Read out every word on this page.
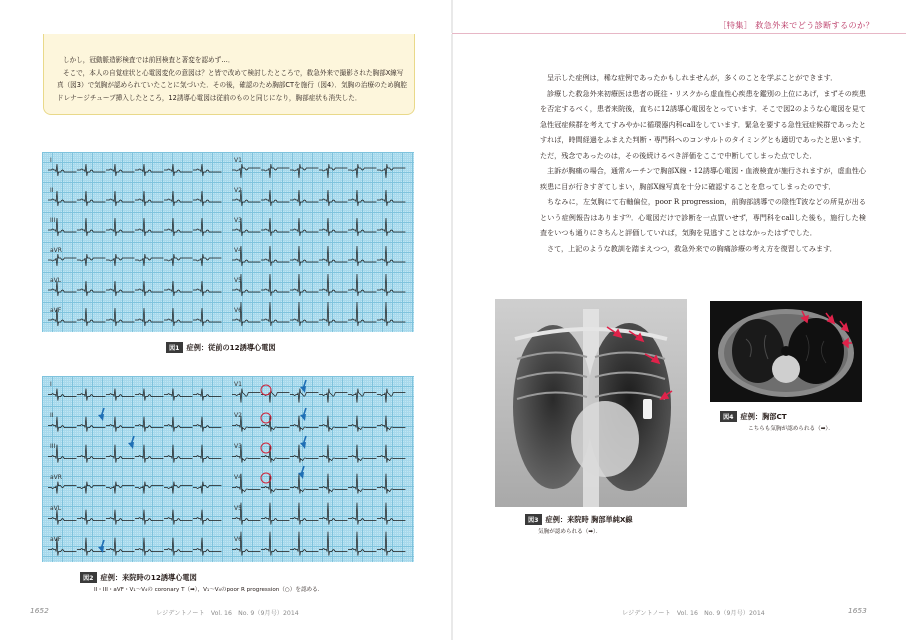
［特集］ 救急外来でどう診断するのか？

しかし，冠動脈造影検査では前回検査と著変を認めず…．

そこで，本人の自覚症状と心電図変化の意図は？と皆で改めて検討したところで，救急外来で撮影された胸部X線写真（図3）で気胸が認められていたことに気づいた．その後，確認のため胸部CTを施行（図4）．気胸の治療のため胸腔ドレナージチューブ挿入したところ，12誘導心電図は従前のものと同じになり，胸部症状も消失した．

I	V1
II	V2
III	V3
aVR	V4
aVL	V5
aVF	V6
図1 症例：従前の12誘導心電図
I	V1
II	V2
III	V3
aVR	V4
aVL	V5
aVF	V6
図2 症例：来院時の12誘導心電図
II・III・aVF・V₁～V₄の coronary T（➡），V₁～V₄のpoor R progression（○）を認める．

呈示した症例は，稀な症例であったかもしれませんが，多くのことを学ぶことができます．

診療した救急外来初療医は患者の既往・リスクから虚血性心疾患を鑑別の上位にあげ，まずその疾患を否定するべく，患者来院後，直ちに12誘導心電図をとっています．そこで図2のような心電図を見て急性冠症候群を考えてすみやかに循環器内科callをしています．緊急を要する急性冠症候群であったとすれば，時間経過をふまえた判断・専門科へのコンサルトのタイミングとも適切であったと思います．ただ，残念であったのは，その後続けるべき評価をここで中断してしまった点でした．

主訴が胸痛の場合，通常ルーチンで胸部X線・12誘導心電図・血液検査が施行されますが，虚血性心疾患に目が行きすぎてしまい，胸部X線写真を十分に確認することを怠ってしまったのです．

ちなみに，左気胸にて右軸偏位，poor R progression，前胸部誘導での陰性T波などの所見が出るという症例報告はあります⁹⁾．心電図だけで診断を一点買いせず，専門科をcallした後も，施行した検査をいつも通りにきちんと評価していれば，気胸を見逃すことはなかったはずでした．

さて，上記のような教訓を踏まえつつ，救急外来での胸痛診療の考え方を復習してみます．

図3 症例：来院時 胸部単純X線
気胸が認められる（➡）．
図4 症例：胸部CT
こちらも気胸が認められる（➡）．
1652	レジデントノート　Vol. 16　No. 9（9月号）2014	レジデントノート　Vol. 16　No. 9（9月号）2014	1653
